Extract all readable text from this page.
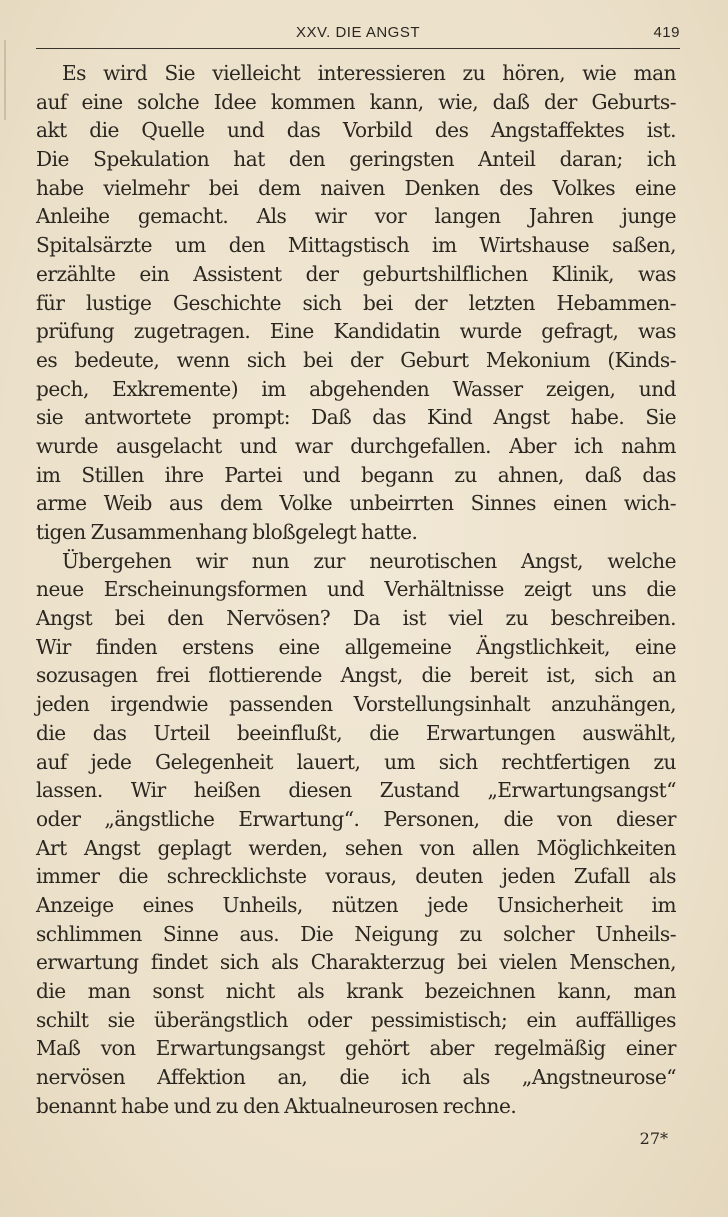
XXV. DIE ANGST	419
Es wird Sie vielleicht interessieren zu hören, wie man
auf eine solche Idee kommen kann, wie, daß der Geburts-
akt die Quelle und das Vorbild des Angstaffektes ist.
Die Spekulation hat den geringsten Anteil daran; ich
habe vielmehr bei dem naiven Denken des Volkes eine
Anleihe gemacht. Als wir vor langen Jahren junge
Spitalsärzte um den Mittagstisch im Wirtshause saßen,
erzählte ein Assistent der geburtshilflichen Klinik, was
für lustige Geschichte sich bei der letzten Hebammen-
prüfung zugetragen. Eine Kandidatin wurde gefragt, was
es bedeute, wenn sich bei der Geburt Mekonium (Kinds-
pech, Exkremente) im abgehenden Wasser zeigen, und
sie antwortete prompt: Daß das Kind Angst habe. Sie
wurde ausgelacht und war durchgefallen. Aber ich nahm
im Stillen ihre Partei und begann zu ahnen, daß das
arme Weib aus dem Volke unbeirrten Sinnes einen wich-
tigen Zusammenhang bloßgelegt hatte.
Übergehen wir nun zur neurotischen Angst, welche
neue Erscheinungsformen und Verhältnisse zeigt uns die
Angst bei den Nervösen? Da ist viel zu beschreiben.
Wir finden erstens eine allgemeine Ängstlichkeit, eine
sozusagen frei flottierende Angst, die bereit ist, sich an
jeden irgendwie passenden Vorstellungsinhalt anzuhängen,
die das Urteil beeinflußt, die Erwartungen auswählt,
auf jede Gelegenheit lauert, um sich rechtfertigen zu
lassen. Wir heißen diesen Zustand „Erwartungsangst“
oder „ängstliche Erwartung“. Personen, die von dieser
Art Angst geplagt werden, sehen von allen Möglichkeiten
immer die schrecklichste voraus, deuten jeden Zufall als
Anzeige eines Unheils, nützen jede Unsicherheit im
schlimmen Sinne aus. Die Neigung zu solcher Unheils-
erwartung findet sich als Charakterzug bei vielen Menschen,
die man sonst nicht als krank bezeichnen kann, man
schilt sie überängstlich oder pessimistisch; ein auffälliges
Maß von Erwartungsangst gehört aber regelmäßig einer
nervösen Affektion an, die ich als „Angstneurose“
benannt habe und zu den Aktualneurosen rechne.
27*
